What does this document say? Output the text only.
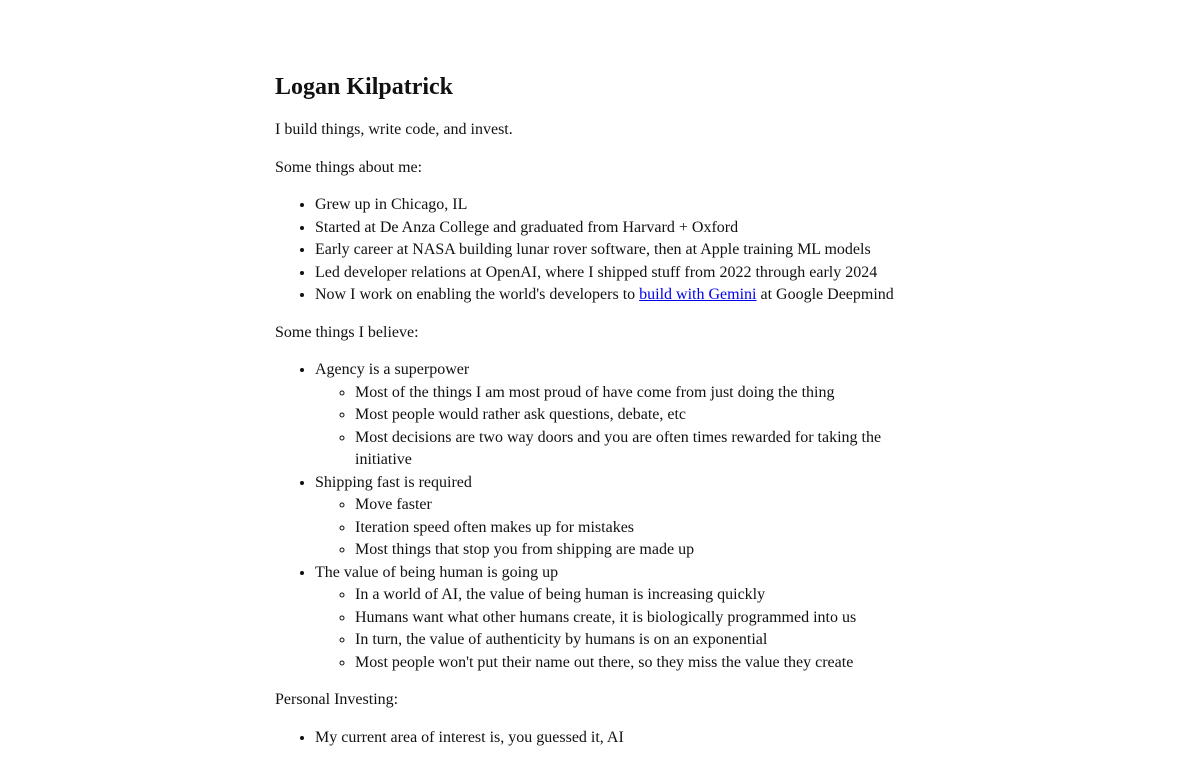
Logan Kilpatrick

I build things, write code, and invest.

Some things about me:

• Grew up in Chicago, IL
• Started at De Anza College and graduated from Harvard + Oxford
• Early career at NASA building lunar rover software, then at Apple training ML models
• Led developer relations at OpenAI, where I shipped stuff from 2022 through early 2024
• Now I work on enabling the world's developers to build with Gemini at Google Deepmind

Some things I believe:

• Agency is a superpower
◦ Most of the things I am most proud of have come from just doing the thing
◦ Most people would rather ask questions, debate, etc
◦ Most decisions are two way doors and you are often times rewarded for taking the initiative
• Shipping fast is required
◦ Move faster
◦ Iteration speed often makes up for mistakes
◦ Most things that stop you from shipping are made up
• The value of being human is going up
◦ In a world of AI, the value of being human is increasing quickly
◦ Humans want what other humans create, it is biologically programmed into us
◦ In turn, the value of authenticity by humans is on an exponential
◦ Most people won't put their name out there, so they miss the value they create

Personal Investing:

• My current area of interest is, you guessed it, AI
